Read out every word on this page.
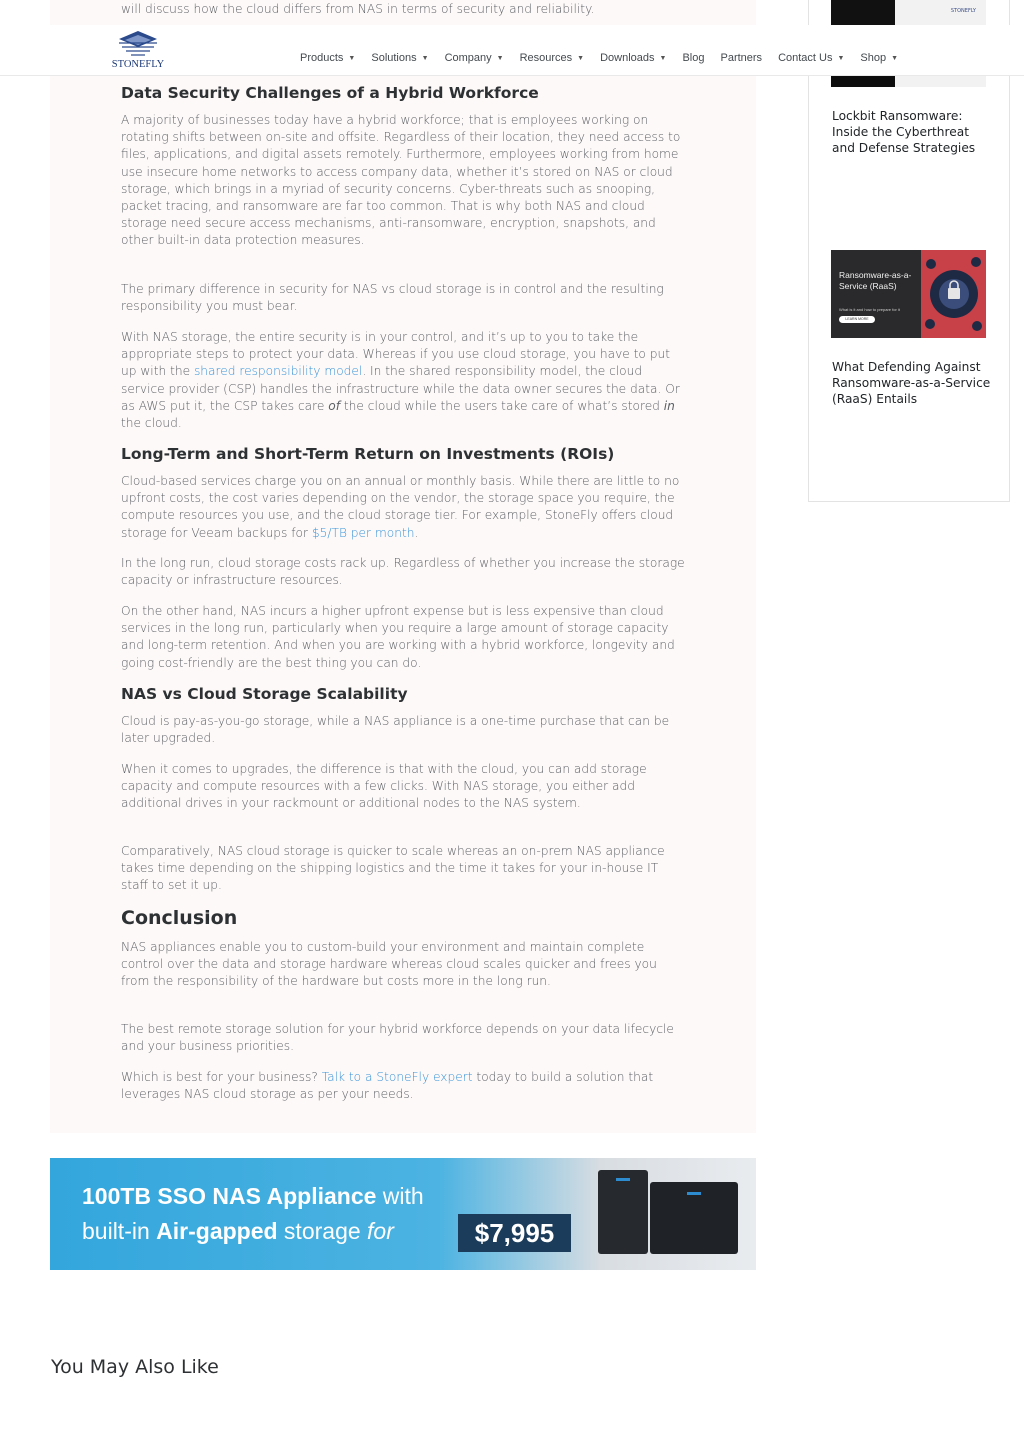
will discuss how the cloud differs from NAS in terms of security and reliability.

Data Security Challenges of a Hybrid Workforce

A majority of businesses today have a hybrid workforce; that is employees working on rotating shifts between on-site and offsite. Regardless of their location, they need access to files, applications, and digital assets remotely. Furthermore, employees working from home use insecure home networks to access company data, whether it’s stored on NAS or cloud storage, which brings in a myriad of security concerns. Cyber-threats such as snooping, packet tracing, and ransomware are far too common. That is why both NAS and cloud storage need secure access mechanisms, anti-ransomware, encryption, snapshots, and other built-in data protection measures.

The primary difference in security for NAS vs cloud storage is in control and the resulting responsibility you must bear.

With NAS storage, the entire security is in your control, and it’s up to you to take the appropriate steps to protect your data. Whereas if you use cloud storage, you have to put up with the shared responsibility model. In the shared responsibility model, the cloud service provider (CSP) handles the infrastructure while the data owner secures the data. Or as AWS put it, the CSP takes care of the cloud while the users take care of what’s stored in the cloud.

Long-Term and Short-Term Return on Investments (ROIs)

Cloud-based services charge you on an annual or monthly basis. While there are little to no upfront costs, the cost varies depending on the vendor, the storage space you require, the compute resources you use, and the cloud storage tier. For example, StoneFly offers cloud storage for Veeam backups for $5/TB per month.

In the long run, cloud storage costs rack up. Regardless of whether you increase the storage capacity or infrastructure resources.

On the other hand, NAS incurs a higher upfront expense but is less expensive than cloud services in the long run, particularly when you require a large amount of storage capacity and long-term retention. And when you are working with a hybrid workforce, longevity and going cost-friendly are the best thing you can do.

NAS vs Cloud Storage Scalability

Cloud is pay-as-you-go storage, while a NAS appliance is a one-time purchase that can be later upgraded.

When it comes to upgrades, the difference is that with the cloud, you can add storage capacity and compute resources with a few clicks. With NAS storage, you either add additional drives in your rackmount or additional nodes to the NAS system.

Comparatively, NAS cloud storage is quicker to scale whereas an on-prem NAS appliance takes time depending on the shipping logistics and the time it takes for your in-house IT staff to set it up.

Conclusion

NAS appliances enable you to custom-build your environment and maintain complete control over the data and storage hardware whereas cloud scales quicker and frees you from the responsibility of the hardware but costs more in the long run.

The best remote storage solution for your hybrid workforce depends on your data lifecycle and your business priorities.

Which is best for your business? Talk to a StoneFly expert today to build a solution that leverages NAS cloud storage as per your needs.

STONEFLY

Lockbit Ransomware: Inside the Cyberthreat and Defense Strategies

Ransomware-as-a-Service (RaaS)
What is it and how to prepare for it
LEARN MORE

What Defending Against Ransomware-as-a-Service (RaaS) Entails

STONEFLY
Products ▼ Solutions ▼ Company ▼ Resources ▼ Downloads ▼ Blog Partners Contact Us ▼ Shop ▼
100TB SSO NAS Appliance with
built-in Air-gapped storage for	$7,995
You May Also Like
